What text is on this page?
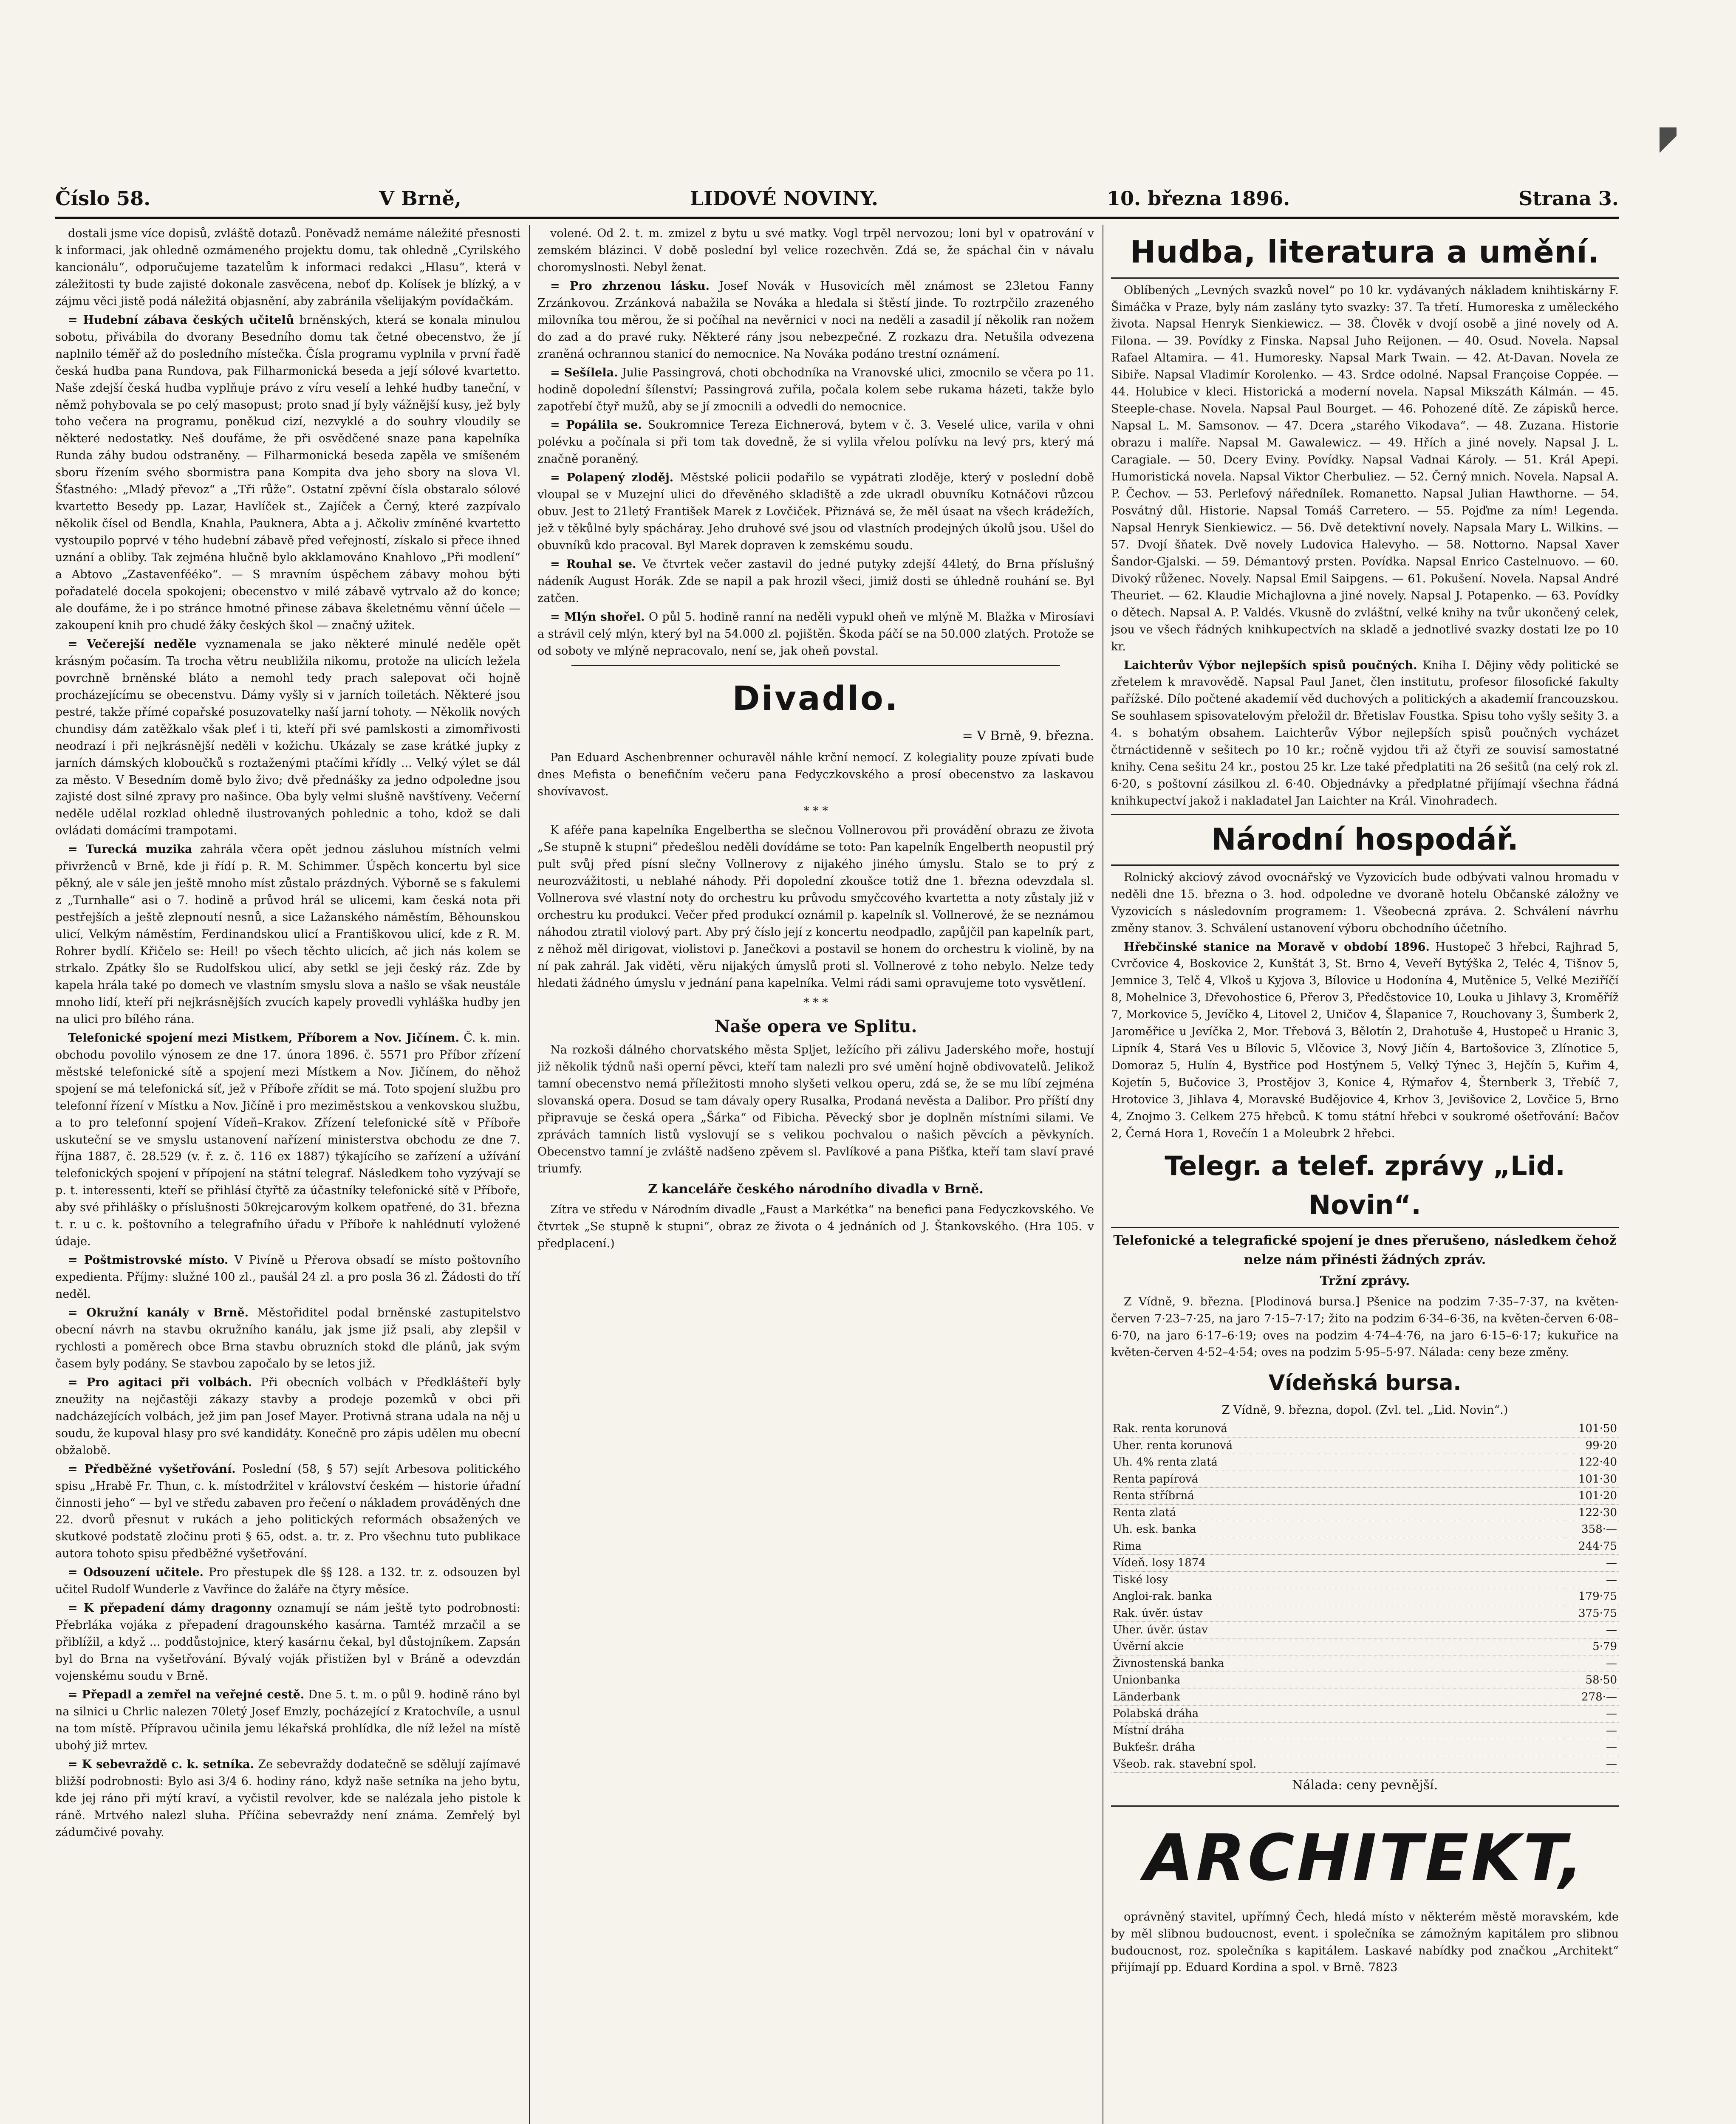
Číslo 58.	V Brně,	LIDOVÉ NOVINY.	10. března 1896.	Strana 3.

dostali jsme více dopisů, zvláště dotazů. Poněvadž nemáme náležité přesnosti k informaci, jak ohledně ozmámeného projektu domu, tak ohledně „Cyrilského kancionálu“, odporučujeme tazatelům k informaci redakci „Hlasu“, která v záležitosti ty bude zajisté dokonale zasvěcena, neboť dp. Kolísek je blízký, a v zájmu věci jistě podá náležitá objasnění, aby zabránila všelijakým povídačkám.

= Hudební zábava českých učitelů brněnských, která se konala minulou sobotu, přivábila do dvorany Besedního domu tak četné obecenstvo, že jí naplnilo téměř až do posledního místečka. Čísla programu vyplnila v první řadě česká hudba pana Rundova, pak Filharmonická beseda a její sólové kvartetto. Naše zdejší česká hudba vyplňuje právo z víru veselí a lehké hudby taneční, v němž pohybovala se po celý masopust; proto snad jí byly vážnější kusy, jež byly toho večera na programu, poněkud cizí, nezvyklé a do souhry vloudily se některé nedostatky. Neš doufáme, že při osvědčené snaze pana kapelníka Runda záhy budou odstraněny. — Filharmonická beseda zapěla ve smíšeném sboru řízením svého sbormistra pana Kompita dva jeho sbory na slova Vl. Šťastného: „Mladý převoz“ a „Tři růže“. Ostatní zpěvní čísla obstaralo sólové kvartetto Besedy pp. Lazar, Havlíček st., Zajíček a Černý, které zazpívalo několik čísel od Bendla, Knahla, Pauknera, Abta a j. Ačkoliv zmíněné kvartetto vystoupilo poprvé v tého hudební zábavě před veřejností, získalo si přece ihned uznání a obliby. Tak zejména hlučně bylo akklamováno Knahlovo „Při modlení“ a Abtovo „Zastavenfééko“. — S mravním úspěchem zábavy mohou býti pořadatelé docela spokojeni; obecenstvo v milé zábavě vytrvalo až do konce; ale doufáme, že i po stránce hmotné přinese zábava škeletnému věnní účele — zakoupení knih pro chudé žáky českých škol — značný užitek.

= Večerejší neděle vyznamenala se jako některé minulé neděle opět krásným počasím. Ta trocha větru neubližila nikomu, protože na ulicích ležela povrchně brněnské bláto a nemohl tedy prach salepovat oči hojně procházejícímu se obecenstvu. Dámy vyšly si v jarních toiletách. Některé jsou pestré, takže přímé copařské posuzovatelky naší jarní tohoty. — Několik nových chundisy dám zatěžkalo však pleť i ti, kteří při své pamlskosti a zimomřivosti neodrazí i při nejkrásnější neděli v kožichu. Ukázaly se zase krátké jupky z jarních dámských kloboučků s roztaženými ptačími křídly ... Velký výlet se dál za město. V Besedním domě bylo živo; dvě přednášky za jedno odpoledne jsou zajisté dost silné zpravy pro našince. Oba byly velmi slušně navštíveny. Večerní neděle udělal rozklad ohledně ilustrovaných pohlednic a toho, kdož se dali ovládati domácími trampotami.

= Turecká muzika zahrála včera opět jednou zásluhou místních velmi přivrženců v Brně, kde ji řídí p. R. M. Schimmer. Úspěch koncertu byl sice pěkný, ale v sále jen ještě mnoho míst zůstalo prázdných. Výborně se s fakulemi z „Turnhalle“ asi o 7. hodině a průvod hrál se ulicemi, kam česká nota při pestřejších a ještě zlepnoutí nesnů, a sice Lažanského náměstím, Běhounskou ulicí, Velkým náměstím, Ferdinandskou ulicí a Františkovou ulicí, kde z R. M. Rohrer bydlí. Křičelo se: Heil! po všech těchto ulicích, ač jich nás kolem se strkalo. Zpátky šlo se Rudolfskou ulicí, aby setkl se jeji český ráz. Zde by kapela hrála také po domech ve vlastním smyslu slova a našlo se však neustále mnoho lidí, kteří při nejkrásnějších zvucích kapely provedli vyhláška hudby jen na ulici pro bílého rána.

Telefonické spojení mezi Mistkem, Příborem a Nov. Jičínem. Č. k. min. obchodu povolilo výnosem ze dne 17. února 1896. č. 5571 pro Příbor zřízení městské telefonické sítě a spojení mezi Místkem a Nov. Jičínem, do něhož spojení se má telefonická síť, jež v Příboře zřídit se má. Toto spojení službu pro telefonní řízení v Místku a Nov. Jičíně i pro meziměstskou a venkovskou službu, a to pro telefonní spojení Vídeň–Krakov. Zřízení telefonické sítě v Příboře uskuteční se ve smyslu ustanovení nařízení ministerstva obchodu ze dne 7. října 1887, č. 28.529 (v. ř. z. č. 116 ex 1887) týkajícího se zařízení a užívání telefonických spojení v přípojení na státní telegraf. Následkem toho vyzývají se p. t. interessenti, kteří se přihlásí čtyřtě za účastníky telefonické sítě v Příboře, aby své přihlášky o příslušnosti 50krejcarovým kolkem opatřené, do 31. března t. r. u c. k. poštovního a telegrafního úřadu v Příboře k nahlédnutí vyložené údaje.

= Poštmistrovské místo. V Pivíně u Přerova obsadí se místo poštovního expedienta. Příjmy: služné 100 zl., paušál 24 zl. a pro posla 36 zl. Žádosti do tří neděl.

= Okružní kanály v Brně. Městořiditel podal brněnské zastupitelstvo obecní návrh na stavbu okružního kanálu, jak jsme již psali, aby zlepšil v rychlosti a poměrech obce Brna stavbu obruzních stokd dle plánů, jak svým časem byly podány. Se stavbou započalo by se letos již.

= Pro agitaci při volbách. Při obecních volbách v Předklášteří byly zneužity na nejčastěji zákazy stavby a prodeje pozemků v obci při nadcházejících volbách, jež jim pan Josef Mayer. Protivná strana udala na něj u soudu, že kupoval hlasy pro své kandidáty. Konečně pro zápis udělen mu obecní obžalobě.

= Předběžné vyšetřování. Poslední (58, § 57) sejít Arbesova politického spisu „Hrabě Fr. Thun, c. k. místodržitel v království českém — historie úřadní činnosti jeho“ — byl ve středu zabaven pro řečení o nákladem prováděných dne 22. dvorů přesnut v rukách a jeho politických reformách obsažených ve skutkové podstatě zločinu proti § 65, odst. a. tr. z. Pro všechnu tuto publikace autora tohoto spisu předběžné vyšetřování.

= Odsouzení učitele. Pro přestupek dle §§ 128. a 132. tr. z. odsouzen byl učitel Rudolf Wunderle z Vavřince do žaláře na čtyry měsíce.

= K přepadení dámy dragonny oznamují se nám ještě tyto podrobnosti: Přebrláka vojáka z přepadení dragounského kasárna. Tamtéž mrzačil a se přiblížil, a když ... poddůstojnice, který kasárnu čekal, byl důstojníkem. Zapsán byl do Brna na vyšetřování. Bývalý voják přistižen byl v Bráně a odevzdán vojenskému soudu v Brně.

= Přepadl a zemřel na veřejné cestě. Dne 5. t. m. o půl 9. hodině ráno byl na silnici u Chrlic nalezen 70letý Josef Emzly, pocházející z Kratochvíle, a usnul na tom místě. Přípravou učinila jemu lékařská prohlídka, dle níž ležel na místě ubohý již mrtev.

= K sebevraždě c. k. setníka. Ze sebevraždy dodatečně se sdělují zajímavé bližší podrobnosti: Bylo asi 3/4 6. hodiny ráno, když naše setníka na jeho bytu, kde jej ráno při mýtí kraví, a vyčistil revolver, kde se nalézala jeho pistole k ráně. Mrtvého nalezl sluha. Příčina sebevraždy není známa. Zemřelý byl zádumčivé povahy.

volené. Od 2. t. m. zmizel z bytu u své matky. Vogl trpěl nervozou; loni byl v opatrování v zemském blázinci. V době poslední byl velice rozechvěn. Zdá se, že spáchal čin v návalu choromyslnosti. Nebyl ženat.

= Pro zhrzenou lásku. Josef Novák v Husovicích měl známost se 23letou Fanny Zrzánkovou. Zrzánková nabažila se Nováka a hledala si štěstí jinde. To roztrpčilo zrazeného milovníka tou měrou, že si počíhal na nevěrnici v noci na neděli a zasadil jí několik ran nožem do zad a do pravé ruky. Některé rány jsou nebezpečné. Z rozkazu dra. Netušila odvezena zraněná ochrannou stanicí do nemocnice. Na Nováka podáno trestní oznámení.

= Sešílela. Julie Passingrová, choti obchodníka na Vranovské ulici, zmocnilo se včera po 11. hodině dopolední šílenství; Passingrová zuřila, počala kolem sebe rukama házeti, takže bylo zapotřebí čtyř mužů, aby se jí zmocnili a odvedli do nemocnice.

= Popálila se. Soukromnice Tereza Eichnerová, bytem v č. 3. Veselé ulice, varila v ohni polévku a počínala si při tom tak dovedně, že si vylila vřelou polívku na levý prs, který má značně poraněný.

= Polapený zloděj. Městské policii podařilo se vypátrati zloděje, který v poslední době vloupal se v Muzejní ulici do dřevěného skladiště a zde ukradl obuvníku Kotnáčovi růzcou obuv. Jest to 21letý František Marek z Lovčiček. Přiznává se, že měl úsaat na všech krádežích, jež v těkůlné byly spácháray. Jeho druhové své jsou od vlastních prodejných úkolů jsou. Ušel do obuvníků kdo pracoval. Byl Marek dopraven k zemskému soudu.

= Rouhal se. Ve čtvrtek večer zastavil do jedné putyky zdejší 44letý, do Brna příslušný nádeník August Horák. Zde se napil a pak hrozil všeci, jimiž dosti se úhledně rouhání se. Byl zatčen.

= Mlýn shořel. O půl 5. hodině ranní na neděli vypukl oheň ve mlýně M. Blažka v Mirosíavi a strávil celý mlýn, který byl na 54.000 zl. pojištěn. Škoda páčí se na 50.000 zlatých. Protože se od soboty ve mlýně nepracovalo, není se, jak oheň povstal.

Divadlo.
= V Brně, 9. března.

Pan Eduard Aschenbrenner ochuravěl náhle krční nemocí. Z kolegiality pouze zpívati bude dnes Mefista o benefičním večeru pana Fedyczkovského a prosí obecenstvo za laskavou shovívavost.

* * *

K aféře pana kapelníka Engelbertha se slečnou Vollnerovou při provádění obrazu ze života „Se stupně k stupni“ předešlou neděli dovídáme se toto: Pan kapelník Engelberth neopustil prý pult svůj před písní slečny Vollnerovy z nijakého jiného úmyslu. Stalo se to prý z neurozvážitosti, u neblahé náhody. Při dopolední zkoušce totiž dne 1. března odevzdala sl. Vollnerova své vlastní noty do orchestru ku průvodu smyčcového kvartetta a noty zůstaly již v orchestru ku produkci. Večer před produkcí oznámil p. kapelník sl. Vollnerové, že se neznámou náhodou ztratil violový part. Aby prý číslo její z koncertu neodpadlo, zapůjčil pan kapelník part, z něhož měl dirigovat, violistovi p. Janečkovi a postavil se honem do orchestru k violině, by na ní pak zahrál. Jak viděti, věru nijakých úmyslů proti sl. Vollnerové z toho nebylo. Nelze tedy hledati žádného úmyslu v jednání pana kapelníka. Velmi rádi sami opravujeme toto vysvětlení.

* * *

Naše opera ve Splitu.

Na rozkoši dálného chorvatského města Spljet, ležícího při zálivu Jaderského moře, hostují již několik týdnů naši operní pěvci, kteří tam nalezli pro své umění hojně obdivovatelů. Jelikož tamní obecenstvo nemá příležitosti mnoho slyšeti velkou operu, zdá se, že se mu líbí zejména slovanská opera. Dosud se tam dávaly opery Rusalka, Prodaná nevěsta a Dalibor. Pro příští dny připravuje se česká opera „Šárka“ od Fibicha. Pěvecký sbor je doplněn místními silami. Ve zprávách tamních listů vyslovují se s velikou pochvalou o našich pěvcích a pěvkyních. Obecenstvo tamní je zvláště nadšeno zpěvem sl. Pavlíkové a pana Pišťka, kteří tam slaví pravé triumfy.

Z kanceláře českého národního divadla v Brně.

Zítra ve středu v Národním divadle „Faust a Markétka“ na benefici pana Fedyczkovského. Ve čtvrtek „Se stupně k stupni“, obraz ze života o 4 jednáních od J. Štankovského. (Hra 105. v předplacení.)

Hudba, literatura a umění.

Oblíbených „Levných svazků novel“ po 10 kr. vydávaných nákladem knihtiskárny F. Šimáčka v Praze, byly nám zaslány tyto svazky: 37. Ta třetí. Humoreska z uměleckého života. Napsal Henryk Sienkiewicz. — 38. Člověk v dvojí osobě a jiné novely od A. Filona. — 39. Povídky z Finska. Napsal Juho Reijonen. — 40. Osud. Novela. Napsal Rafael Altamira. — 41. Humoresky. Napsal Mark Twain. — 42. At-Davan. Novela ze Sibiře. Napsal Vladimír Korolenko. — 43. Srdce odolné. Napsal Françoise Coppée. — 44. Holubice v kleci. Historická a moderní novela. Napsal Mikszáth Kálmán. — 45. Steeple-chase. Novela. Napsal Paul Bourget. — 46. Pohozené dítě. Ze zápisků herce. Napsal L. M. Samsonov. — 47. Dcera „starého Vikodava“. — 48. Zuzana. Historie obrazu i malíře. Napsal M. Gawalewicz. — 49. Hřích a jiné novely. Napsal J. L. Caragiale. — 50. Dcery Eviny. Povídky. Napsal Vadnai Károly. — 51. Král Apepi. Humoristická novela. Napsal Viktor Cherbuliez. — 52. Černý mnich. Novela. Napsal A. P. Čechov. — 53. Perlefový nářednílek. Romanetto. Napsal Julian Hawthorne. — 54. Posvátný důl. Historie. Napsal Tomáš Carretero. — 55. Pojďme za ním! Legenda. Napsal Henryk Sienkiewicz. — 56. Dvě detektivní novely. Napsala Mary L. Wilkins. — 57. Dvojí šňatek. Dvě novely Ludovica Halevyho. — 58. Nottorno. Napsal Xaver Šandor-Gjalski. — 59. Démantový prsten. Povídka. Napsal Enrico Castelnuovo. — 60. Divoký růženec. Novely. Napsal Emil Saipgens. — 61. Pokušení. Novela. Napsal André Theuriet. — 62. Klaudie Michajlovna a jiné novely. Napsal J. Potapenko. — 63. Povídky o dětech. Napsal A. P. Valdés. Vkusně do zvláštní, velké knihy na tvůr ukončený celek, jsou ve všech řádných knihkupectvích na skladě a jednotlivé svazky dostati lze po 10 kr.

Laichterův Výbor nejlepších spisů poučných. Kniha I. Dějiny vědy politické se zřetelem k mravovědě. Napsal Paul Janet, člen institutu, profesor filosofické fakulty pařížské. Dílo počtené akademií věd duchových a politických a akademií francouzskou. Se souhlasem spisovatelovým přeložil dr. Břetislav Foustka. Spisu toho vyšly sešity 3. a 4. s bohatým obsahem. Laichterův Výbor nejlepších spisů poučných vycházet čtrnáctidenně v sešitech po 10 kr.; ročně vyjdou tři až čtyři ze souvisí samostatné knihy. Cena sešitu 24 kr., postou 25 kr. Lze také předplatiti na 26 sešitů (na celý rok zl. 6·20, s poštovní zásilkou zl. 6·40. Objednávky a předplatné přijímají všechna řádná knihkupectví jakož i nakladatel Jan Laichter na Král. Vinohradech.

Národní hospodář.

Rolnický akciový závod ovocnářský ve Vyzovicích bude odbývati valnou hromadu v neděli dne 15. března o 3. hod. odpoledne ve dvoraně hotelu Občanské záložny ve Vyzovicích s následovním programem: 1. Všeobecná zpráva. 2. Schválení návrhu změny stanov. 3. Schválení ustanovení výboru obchodního účetního.

Hřebčinské stanice na Moravě v období 1896. Hustopeč 3 hřebci, Rajhrad 5, Cvrčovice 4, Boskovice 2, Kunštát 3, St. Brno 4, Veveří Bytýška 2, Teléc 4, Tišnov 5, Jemnice 3, Telč 4, Vlkoš u Kyjova 3, Bílovice u Hodonína 4, Mutěnice 5, Velké Meziříčí 8, Mohelnice 3, Dřevohostice 6, Přerov 3, Předčstovice 10, Louka u Jihlavy 3, Kroměříž 7, Morkovice 5, Jevíčko 4, Litovel 2, Uničov 4, Šlapanice 7, Rouchovany 3, Šumberk 2, Jaroměřice u Jevíčka 2, Mor. Třebová 3, Bělotín 2, Drahotuše 4, Hustopeč u Hranic 3, Lipník 4, Stará Ves u Bílovic 5, Vlčovice 3, Nový Jičín 4, Bartošovice 3, Zlínotice 5, Domoraz 5, Hulín 4, Bystřice pod Hostýnem 5, Velký Týnec 3, Hejčín 5, Kuřim 4, Kojetín 5, Bučovice 3, Prostějov 3, Konice 4, Rýmařov 4, Šternberk 3, Třebíč 7, Hrotovice 3, Jihlava 4, Moravské Budějovice 4, Krhov 3, Jevišovice 2, Lovčice 5, Brno 4, Znojmo 3. Celkem 275 hřebců. K tomu státní hřebci v soukromé ošetřování: Bačov 2, Černá Hora 1, Rovečín 1 a Moleubrk 2 hřebci.

Telegr. a telef. zprávy „Lid. Novin“.

Telefonické a telegrafické spojení je dnes přerušeno, následkem čehož nelze nám přinésti žádných zpráv.

Tržní zprávy.

Z Vídně, 9. března. [Plodinová bursa.] Pšenice na podzim 7·35–7·37, na květen-červen 7·23–7·25, na jaro 7·15–7·17; žito na podzim 6·34–6·36, na květen-červen 6·08–6·70, na jaro 6·17–6·19; oves na podzim 4·74–4·76, na jaro 6·15–6·17; kukuřice na květen-červen 4·52–4·54; oves na podzim 5·95–5·97. Nálada: ceny beze změny.

Vídeňská bursa.

Z Vídně, 9. března, dopol. (Zvl. tel. „Lid. Novin“.)

Rak. renta korunová	101·50
Uher. renta korunová	99·20
Uh. 4% renta zlatá	122·40
Renta papírová	101·30
Renta stříbrná	101·20
Renta zlatá	122·30
Uh. esk. banka	358·—
Rima	244·75
Vídeň. losy 1874	—
Tiské losy	—
Angloi-rak. banka	179·75
Rak. úvěr. ústav	375·75
Uher. úvěr. ústav	—
Úvěrní akcie	5·79
Živnostenská banka	—
Unionbanka	58·50
Länderbank	278·—
Polabská dráha	—
Místní dráha	—
Bukťešr. dráha	—
Všeob. rak. stavební spol.	—

Nálada: ceny pevnější.

ARCHITEKT,

oprávněný stavitel, upřímný Čech, hledá místo v některém městě moravském, kde by měl slibnou budoucnost, event. i společníka se zámožným kapitálem pro slibnou budoucnost, roz. společníka s kapitálem. Laskavé nabídky pod značkou „Architekt“ přijímají pp. Eduard Kordina a spol. v Brně. 7823
